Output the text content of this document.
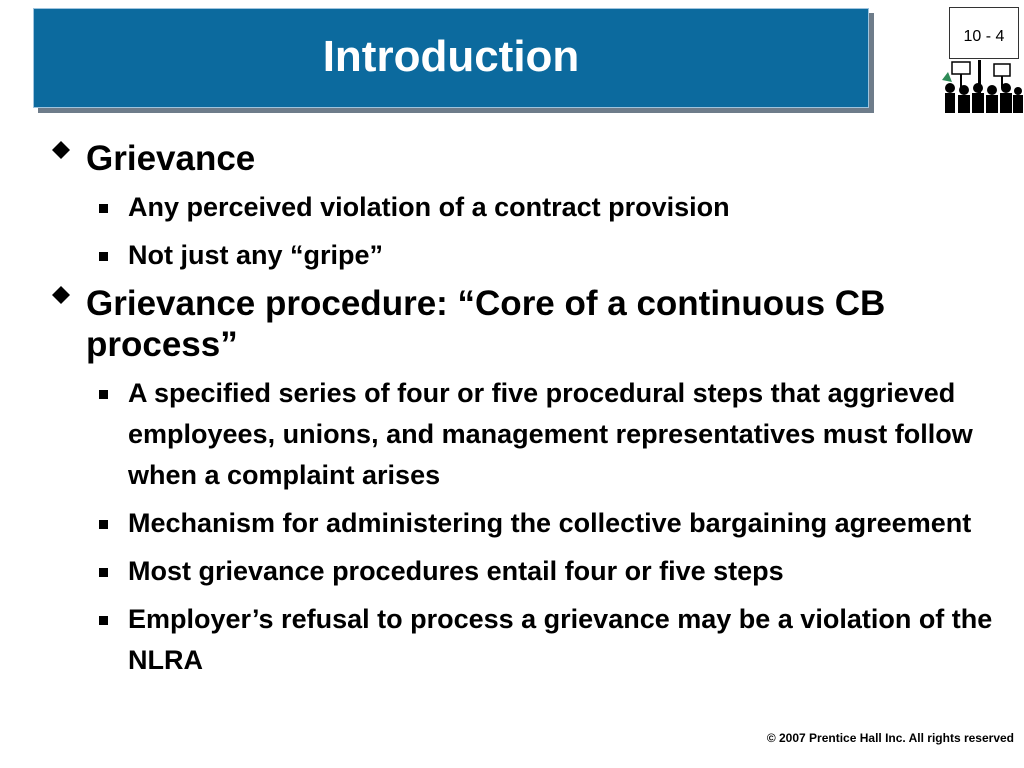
Introduction	10 - 4
Grievance
Any perceived violation of a contract provision
Not just any “gripe”
Grievance procedure: “Core of a continuous CB process”
A specified series of four or five procedural steps that aggrieved employees, unions, and management representatives must follow when a complaint arises
Mechanism for administering the collective bargaining agreement
Most grievance procedures entail four or five steps
Employer’s refusal to process a grievance may be a violation of the NLRA
© 2007 Prentice Hall Inc. All rights reserved
